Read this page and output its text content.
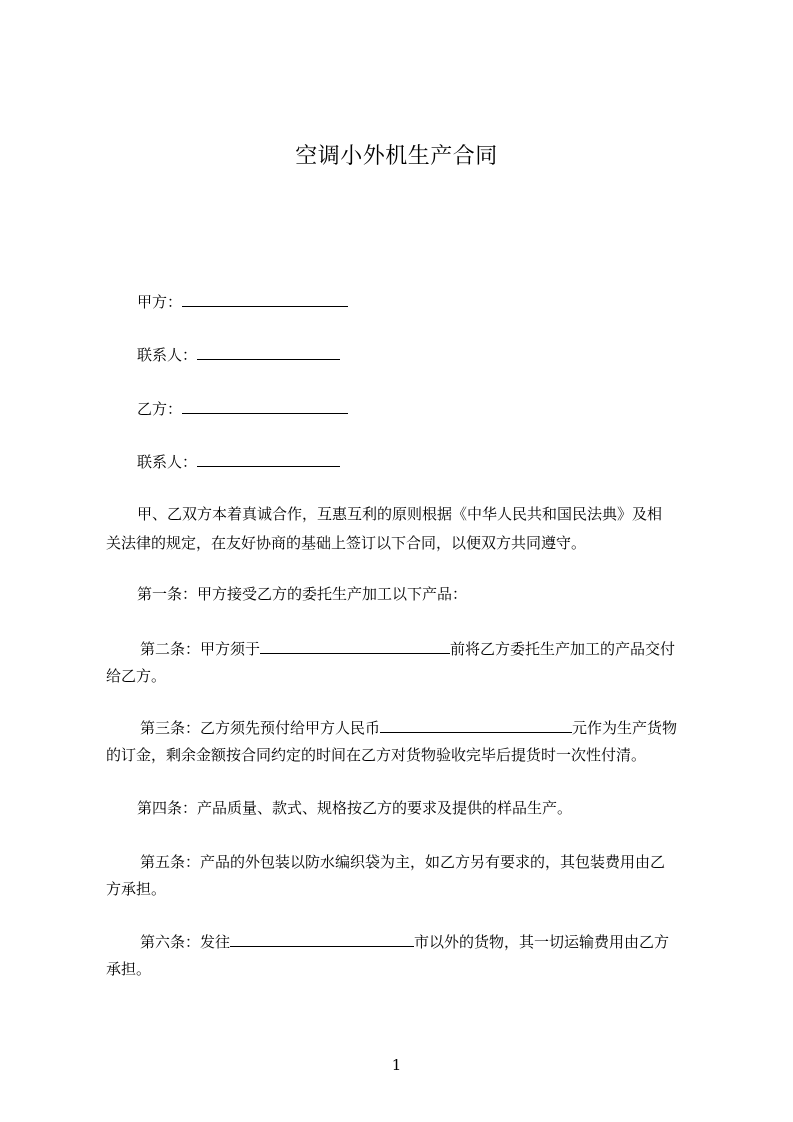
空调小外机生产合同
甲方：
联系人：
乙方：
联系人：
甲、乙双方本着真诚合作，互惠互利的原则根据《中华人民共和国民法典》及相
关法律的规定，在友好协商的基础上签订以下合同，以便双方共同遵守。
第一条：甲方接受乙方的委托生产加工以下产品：
第二条：甲方须于	前将乙方委托生产加工的产品交付
给乙方。
第三条：乙方须先预付给甲方人民币	元作为生产货物
的订金，剩余金额按合同约定的时间在乙方对货物验收完毕后提货时一次性付清。
第四条：产品质量、款式、规格按乙方的要求及提供的样品生产。
第五条：产品的外包装以防水编织袋为主，如乙方另有要求的，其包装费用由乙
方承担。
第六条：发往	市以外的货物，其一切运输费用由乙方
承担。
1
